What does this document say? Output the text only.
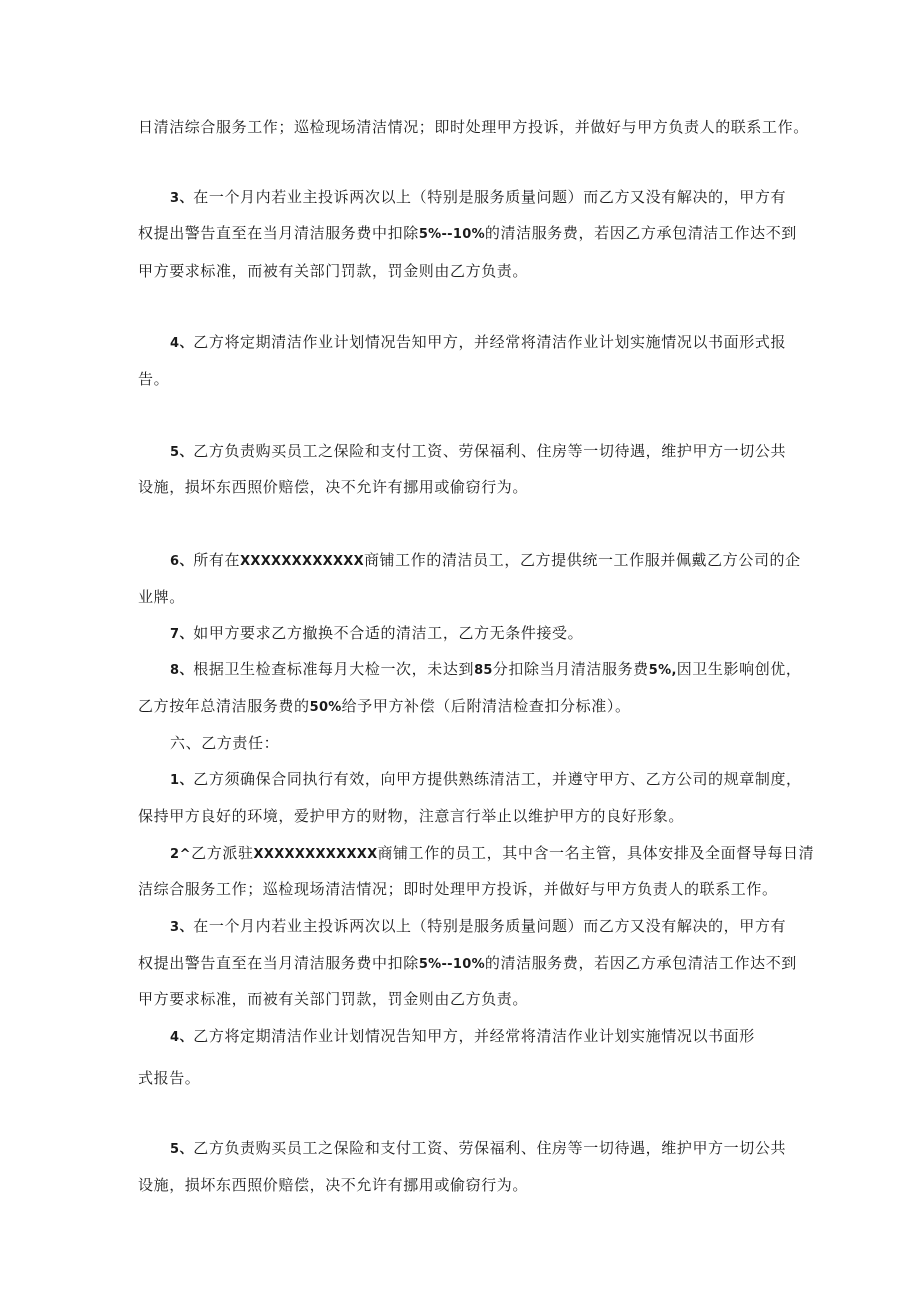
日清洁综合服务工作；巡检现场清洁情况；即时处理甲方投诉，并做好与甲方负责人的联系工作。
3、在一个月内若业主投诉两次以上（特别是服务质量问题）而乙方又没有解决的，甲方有
权提出警告直至在当月清洁服务费中扣除5%--10%的清洁服务费，若因乙方承包清洁工作达不到
甲方要求标准，而被有关部门罚款，罚金则由乙方负责。
4、乙方将定期清洁作业计划情况告知甲方，并经常将清洁作业计划实施情况以书面形式报
告。
5、乙方负责购买员工之保险和支付工资、劳保福利、住房等一切待遇，维护甲方一切公共
设施，损坏东西照价赔偿，决不允许有挪用或偷窃行为。
6、所有在XXXXXXXXXXXX商铺工作的清洁员工，乙方提供统一工作服并佩戴乙方公司的企
业牌。
7、如甲方要求乙方撤换不合适的清洁工，乙方无条件接受。
8、根据卫生检查标准每月大检一次，未达到85分扣除当月清洁服务费5%,因卫生影响创优，
乙方按年总清洁服务费的50%给予甲方补偿（后附清洁检查扣分标准）。
六、乙方责任：
1、乙方须确保合同执行有效，向甲方提供熟练清洁工，并遵守甲方、乙方公司的规章制度，
保持甲方良好的环境，爱护甲方的财物，注意言行举止以维护甲方的良好形象。
2^乙方派驻XXXXXXXXXXXX商铺工作的员工，其中含一名主管，具体安排及全面督导每日清
洁综合服务工作；巡检现场清洁情况；即时处理甲方投诉，并做好与甲方负责人的联系工作。
3、在一个月内若业主投诉两次以上（特别是服务质量问题）而乙方又没有解决的，甲方有
权提出警告直至在当月清洁服务费中扣除5%--10%的清洁服务费，若因乙方承包清洁工作达不到
甲方要求标准，而被有关部门罚款，罚金则由乙方负责。
4、乙方将定期清洁作业计划情况告知甲方，并经常将清洁作业计划实施情况以书面形
式报告。
5、乙方负责购买员工之保险和支付工资、劳保福利、住房等一切待遇，维护甲方一切公共
设施，损坏东西照价赔偿，决不允许有挪用或偷窃行为。
